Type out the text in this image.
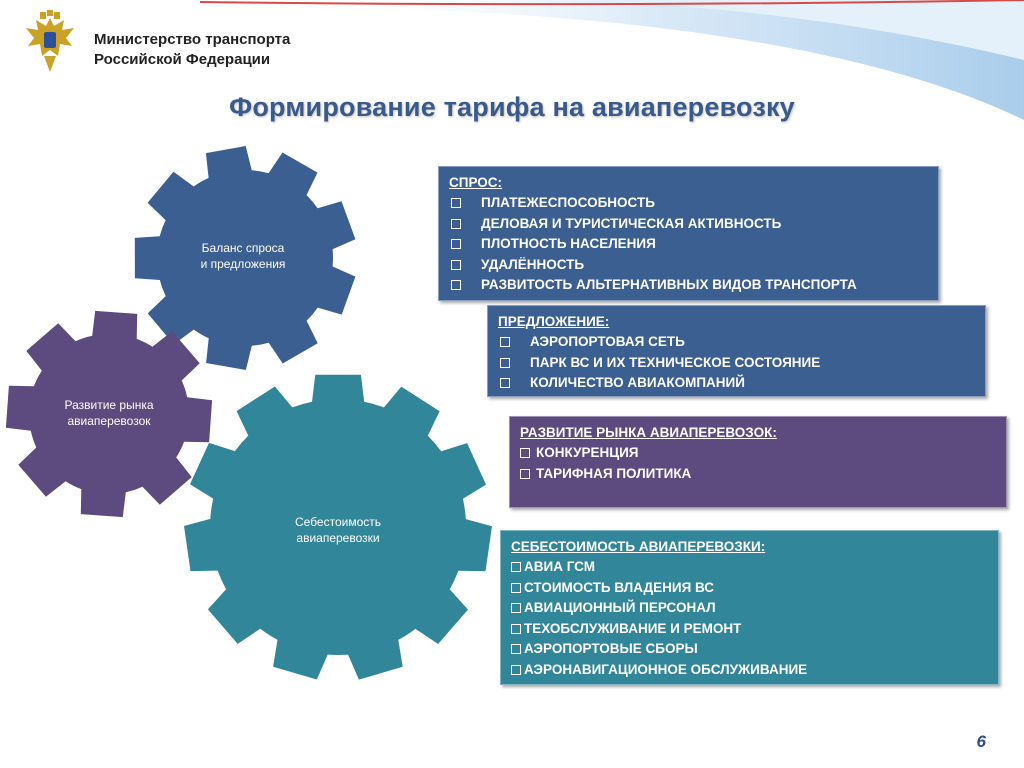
Министерство транспорта
Российской Федерации
Формирование тарифа на авиаперевозку
Баланс спроса
и предложения
Развитие рынка
авиаперевозок
Себестоимость
авиаперевозки
СПРОС:
ПЛАТЕЖЕСПОСОБНОСТЬ
ДЕЛОВАЯ И ТУРИСТИЧЕСКАЯ АКТИВНОСТЬ
ПЛОТНОСТЬ НАСЕЛЕНИЯ
УДАЛЁННОСТЬ
РАЗВИТОСТЬ АЛЬТЕРНАТИВНЫХ ВИДОВ ТРАНСПОРТА
ПРЕДЛОЖЕНИЕ:
АЭРОПОРТОВАЯ СЕТЬ
ПАРК ВС И ИХ ТЕХНИЧЕСКОЕ СОСТОЯНИЕ
КОЛИЧЕСТВО АВИАКОМПАНИЙ
РАЗВИТИЕ РЫНКА АВИАПЕРЕВОЗОК:
КОНКУРЕНЦИЯ
ТАРИФНАЯ ПОЛИТИКА
СЕБЕСТОИМОСТЬ АВИАПЕРЕВОЗКИ:
АВИА ГСМ
СТОИМОСТЬ ВЛАДЕНИЯ ВС
АВИАЦИОННЫЙ ПЕРСОНАЛ
ТЕХОБСЛУЖИВАНИЕ И РЕМОНТ
АЭРОПОРТОВЫЕ СБОРЫ
АЭРОНАВИГАЦИОННОЕ ОБСЛУЖИВАНИЕ
6
